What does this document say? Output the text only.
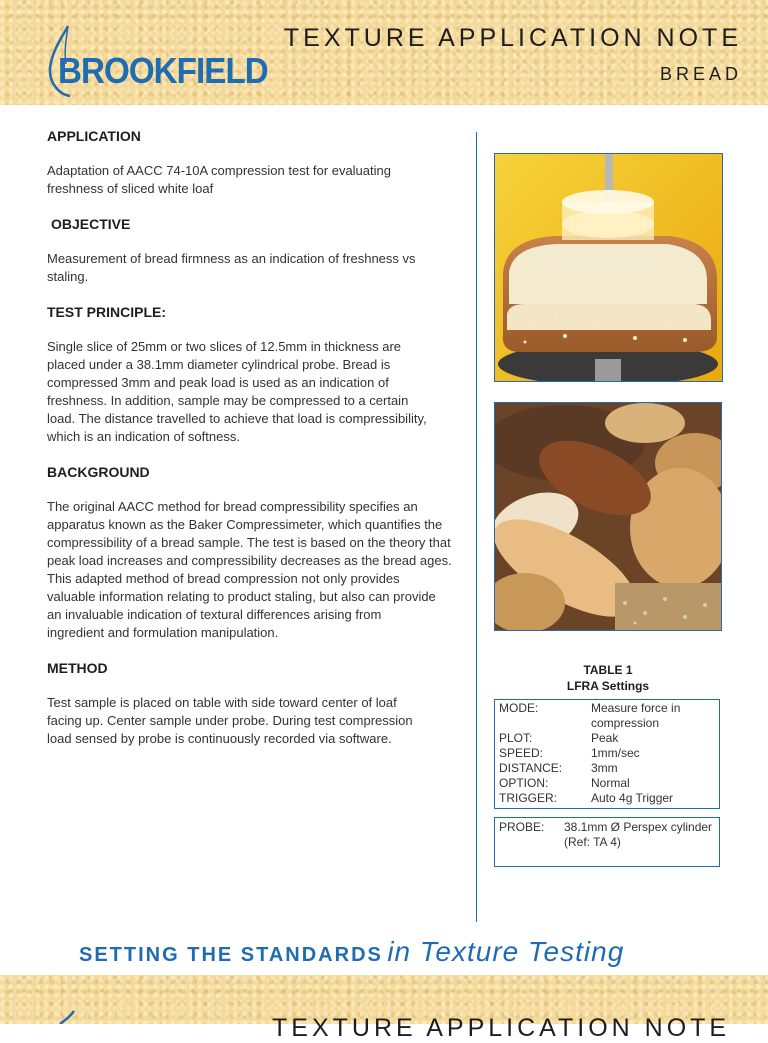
BROOKFIELD
TEXTURE APPLICATION NOTE
BREAD

APPLICATION

Adaptation of AACC 74-10A compression test for evaluating freshness of sliced white loaf

OBJECTIVE

Measurement of bread firmness as an indication of freshness vs staling.

TEST PRINCIPLE:

Single slice of 25mm or two slices of 12.5mm in thickness are placed under a 38.1mm diameter cylindrical probe. Bread is compressed 3mm and peak load is used as an indication of freshness. In addition, sample may be compressed to a certain load. The distance travelled to achieve that load is compressibility, which is an indication of softness.

BACKGROUND

The original AACC method for bread compressibility specifies an apparatus known as the Baker Compressimeter, which quantifies the compressibility of a bread sample. The test is based on the theory that peak load increases and compressibility decreases as the bread ages.

This adapted method of bread compression not only provides valuable information relating to product staling, but also can provide an invaluable indication of textural differences arising from ingredient and formulation manipulation.

METHOD

Test sample is placed on table with side toward center of loaf facing up. Center sample under probe. During test compression load sensed by probe is continuously recorded via software.

TABLE 1
LFRA Settings
MODE:	Measure force in compression
PLOT:	Peak
SPEED:	1mm/sec
DISTANCE:	3mm
OPTION:	Normal
TRIGGER:	Auto 4g Trigger
PROBE:	38.1mm Ø Perspex cylinder (Ref: TA 4)
SETTING THE STANDARDS in Texture Testing
TEXTURE APPLICATION NOTE
